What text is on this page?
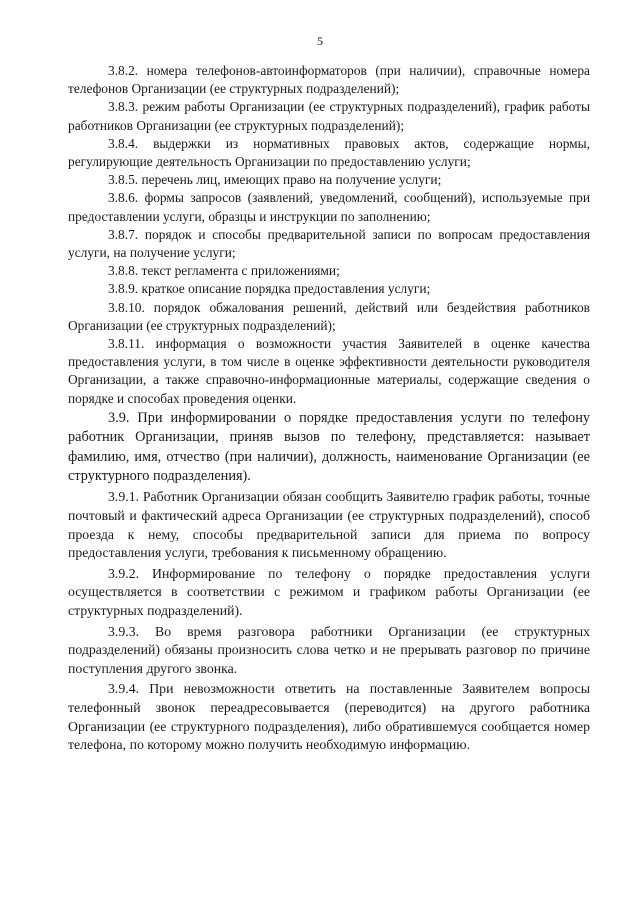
5

3.8.2. номера телефонов-автоинформаторов (при наличии), справочные номера телефонов Организации (ее структурных подразделений);

3.8.3. режим работы Организации (ее структурных подразделений), график работы работников Организации (ее структурных подразделений);

3.8.4. выдержки из нормативных правовых актов, содержащие нормы, регулирующие деятельность Организации по предоставлению услуги;

3.8.5. перечень лиц, имеющих право на получение услуги;

3.8.6. формы запросов (заявлений, уведомлений, сообщений), используемые при предоставлении услуги, образцы и инструкции по заполнению;

3.8.7. порядок и способы предварительной записи по вопросам предоставления услуги, на получение услуги;

3.8.8. текст регламента с приложениями;

3.8.9. краткое описание порядка предоставления услуги;

3.8.10. порядок обжалования решений, действий или бездействия работников Организации (ее структурных подразделений);

3.8.11. информация о возможности участия Заявителей в оценке качества предоставления услуги, в том числе в оценке эффективности деятельности руководителя Организации, а также справочно-информационные материалы, содержащие сведения о порядке и способах проведения оценки.

3.9. При информировании о порядке предоставления услуги по телефону работник Организации, приняв вызов по телефону, представляется: называет фамилию, имя, отчество (при наличии), должность, наименование Организации (ее структурного подразделения).

3.9.1. Работник Организации обязан сообщить Заявителю график работы, точные почтовый и фактический адреса Организации (ее структурных подразделений), способ проезда к нему, способы предварительной записи для приема по вопросу предоставления услуги, требования к письменному обращению.

3.9.2. Информирование по телефону о порядке предоставления услуги осуществляется в соответствии с режимом и графиком работы Организации (ее структурных подразделений).

3.9.3. Во время разговора работники Организации (ее структурных подразделений) обязаны произносить слова четко и не прерывать разговор по причине поступления другого звонка.

3.9.4. При невозможности ответить на поставленные Заявителем вопросы телефонный звонок переадресовывается (переводится) на другого работника Организации (ее структурного подразделения), либо обратившемуся сообщается номер телефона, по которому можно получить необходимую информацию.
